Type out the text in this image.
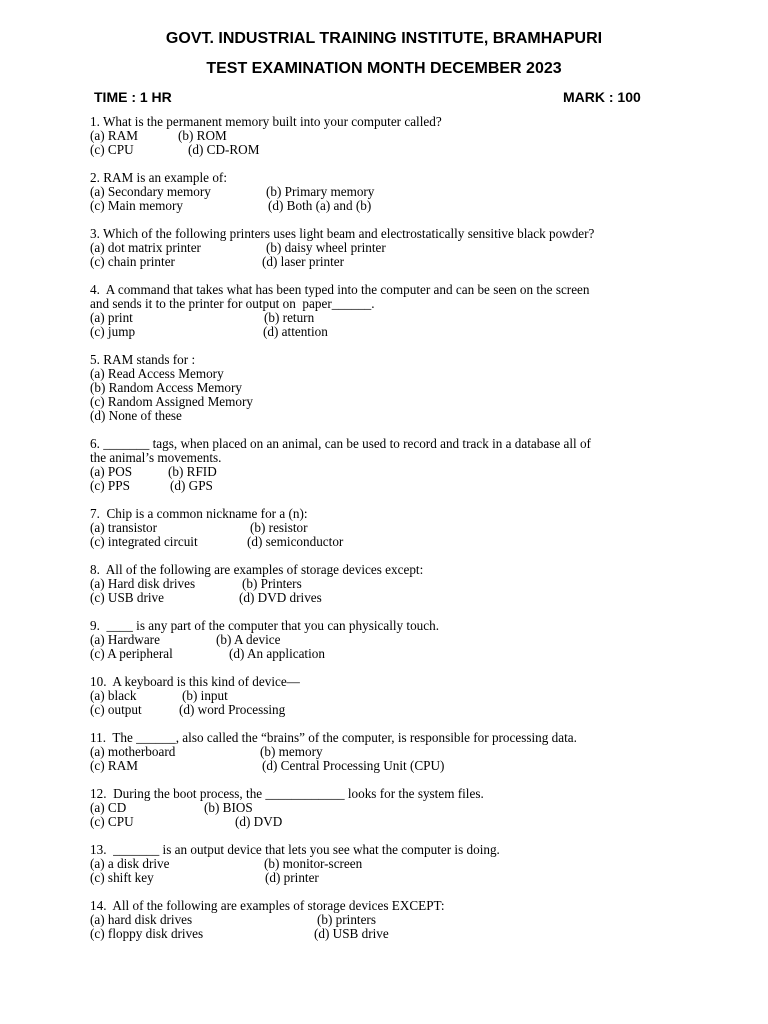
GOVT. INDUSTRIAL TRAINING INSTITUTE, BRAMHAPURI
TEST EXAMINATION MONTH DECEMBER 2023
TIME : 1 HR	MARK : 100
1. What is the permanent memory built into your computer called?
(a) RAM	(b) ROM
(c) CPU	(d) CD-ROM
2. RAM is an example of:
(a) Secondary memory	(b) Primary memory
(c) Main memory	(d) Both (a) and (b)
3. Which of the following printers uses light beam and electrostatically sensitive black powder?
(a) dot matrix printer	(b) daisy wheel printer
(c) chain printer	(d) laser printer
4.  A command that takes what has been typed into the computer and can be seen on the screen
and sends it to the printer for output on  paper______.
(a) print	(b) return
(c) jump	(d) attention
5. RAM stands for :
(a) Read Access Memory
(b) Random Access Memory
(c) Random Assigned Memory
(d) None of these
6. _______ tags, when placed on an animal, can be used to record and track in a database all of
the animal’s movements.
(a) POS	(b) RFID
(c) PPS	(d) GPS
7.  Chip is a common nickname for a (n):
(a) transistor	(b) resistor
(c) integrated circuit	(d) semiconductor
8.  All of the following are examples of storage devices except:
(a) Hard disk drives	(b) Printers
(c) USB drive	(d) DVD drives
9.  ____ is any part of the computer that you can physically touch.
(a) Hardware	(b) A device
(c) A peripheral	(d) An application
10.  A keyboard is this kind of device—
(a) black	(b) input
(c) output	(d) word Processing
11.  The ______, also called the “brains” of the computer, is responsible for processing data.
(a) motherboard	(b) memory
(c) RAM	(d) Central Processing Unit (CPU)
12.  During the boot process, the ____________ looks for the system files.
(a) CD	(b) BIOS
(c) CPU	(d) DVD
13.  _______ is an output device that lets you see what the computer is doing.
(a) a disk drive	(b) monitor-screen
(c) shift key	(d) printer
14.  All of the following are examples of storage devices EXCEPT:
(a) hard disk drives	(b) printers
(c) floppy disk drives	(d) USB drive
